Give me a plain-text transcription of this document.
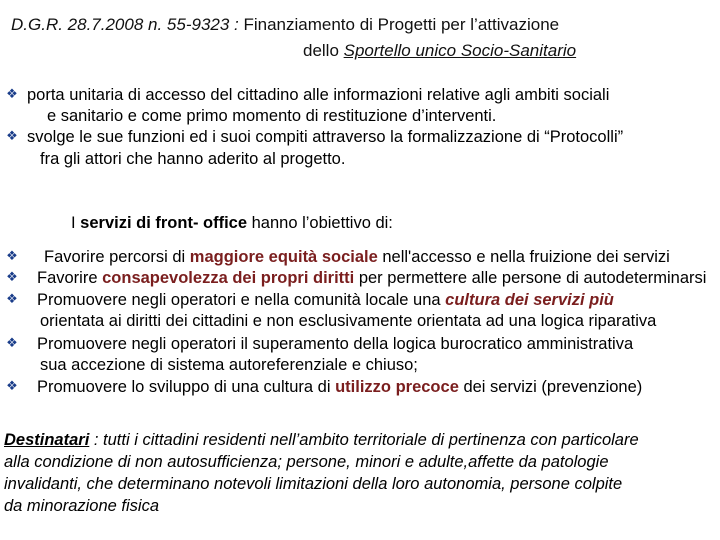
D.G.R. 28.7.2008 n. 55-9323 : Finanziamento di Progetti per l’attivazione
dello Sportello unico Socio-Sanitario
❖ porta unitaria di accesso del cittadino alle informazioni relative agli ambiti sociali
e sanitario e come primo momento di restituzione d’interventi.
❖ svolge le sue funzioni ed i suoi compiti attraverso la formalizzazione di “Protocolli”
fra gli attori che hanno aderito al progetto.
I servizi di front- office hanno l’obiettivo di:
❖ Favorire percorsi di maggiore equità sociale nell'accesso e nella fruizione dei servizi
❖ Favorire consapevolezza dei propri diritti per permettere alle persone di autodeterminarsi
❖ Promuovere negli operatori e nella comunità locale una cultura dei servizi più
orientata ai diritti dei cittadini e non esclusivamente orientata ad una logica riparativa
❖ Promuovere negli operatori il superamento della logica burocratico amministrativa
sua accezione di sistema autoreferenziale e chiuso;
❖ Promuovere lo sviluppo di una cultura di utilizzo precoce dei servizi (prevenzione)
Destinatari : tutti i cittadini residenti nell’ambito territoriale di pertinenza con particolare
alla condizione di non autosufficienza; persone, minori e adulte,affette da patologie
invalidanti, che determinano notevoli limitazioni della loro autonomia, persone colpite
da minorazione fisica
